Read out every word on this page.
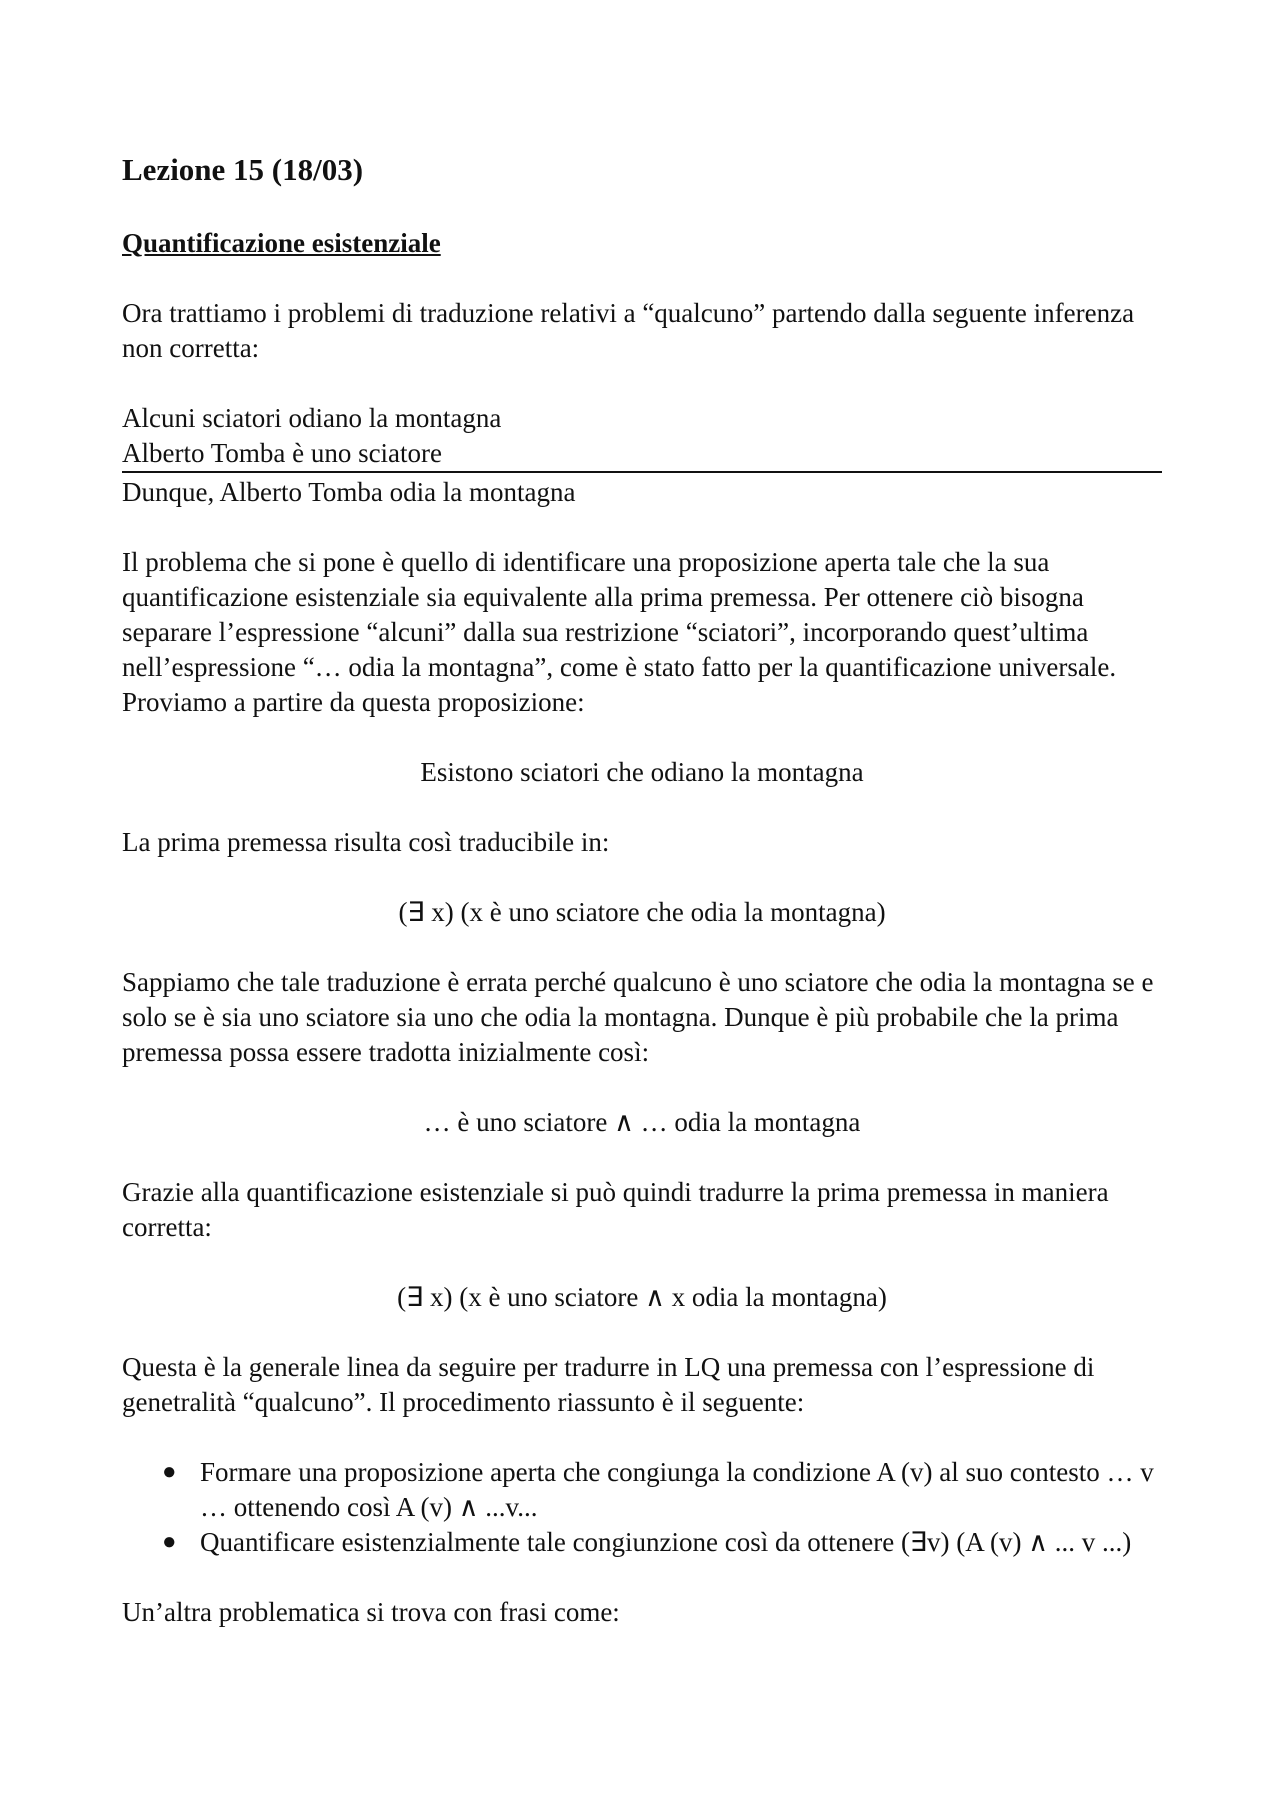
Lezione 15 (18/03)
Quantificazione esistenziale

Ora trattiamo i problemi di traduzione relativi a “qualcuno” partendo dalla seguente inferenza non corretta:

Alcuni sciatori odiano la montagna
Alberto Tomba è uno sciatore
Dunque, Alberto Tomba odia la montagna

Il problema che si pone è quello di identificare una proposizione aperta tale che la sua quantificazione esistenziale sia equivalente alla prima premessa. Per ottenere ciò bisogna separare l’espressione “alcuni” dalla sua restrizione “sciatori”, incorporando quest’ultima nell’espressione “… odia la montagna”, come è stato fatto per la quantificazione universale. Proviamo a partire da questa proposizione:

Esistono sciatori che odiano la montagna

La prima premessa risulta così traducibile in:

(∃ x) (x è uno sciatore che odia la montagna)

Sappiamo che tale traduzione è errata perché qualcuno è uno sciatore che odia la montagna se e solo se è sia uno sciatore sia uno che odia la montagna. Dunque è più probabile che la prima premessa possa essere tradotta inizialmente così:

… è uno sciatore ∧ … odia la montagna

Grazie alla quantificazione esistenziale si può quindi tradurre la prima premessa in maniera corretta:

(∃ x) (x è uno sciatore ∧ x odia la montagna)

Questa è la generale linea da seguire per tradurre in LQ una premessa con l’espressione di genetralità “qualcuno”. Il procedimento riassunto è il seguente:

● Formare una proposizione aperta che congiunga la condizione A (v) al suo contesto … v … ottenendo così A (v) ∧ ...v...
● Quantificare esistenzialmente tale congiunzione così da ottenere (∃v) (A (v) ∧ ... v ...)

Un’altra problematica si trova con frasi come:
